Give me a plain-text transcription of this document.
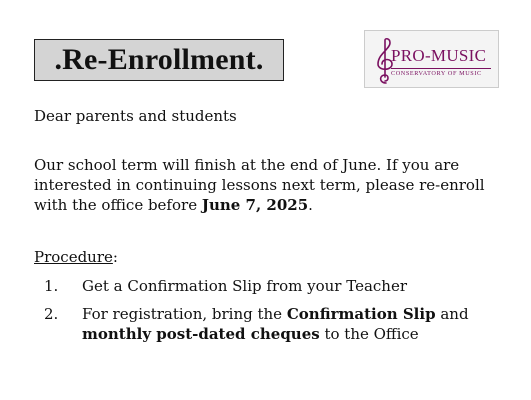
.Re-Enrollment.	PRO-MUSIC
CONSERVATORY OF MUSIC
Dear parents and students
Our school term will finish at the end of June. If you are interested in continuing lessons next term, please re-enroll with the office before June 7, 2025.
Procedure:
1. Get a Confirmation Slip from your Teacher
2. For registration, bring the Confirmation Slip and monthly post-dated cheques to the Office
